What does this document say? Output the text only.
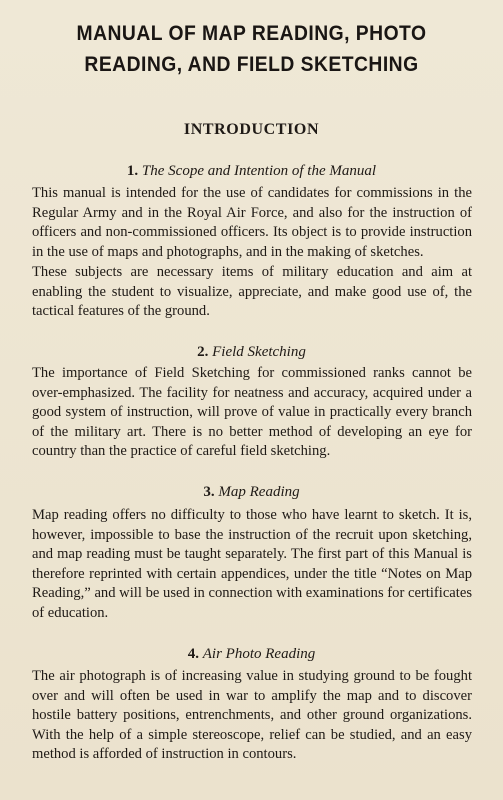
MANUAL OF MAP READING, PHOTO
READING, AND FIELD SKETCHING
INTRODUCTION
1. The Scope and Intention of the Manual

This manual is intended for the use of candidates for commissions in the Regular Army and in the Royal Air Force, and also for the instruction of officers and non-commissioned officers. Its object is to provide instruction in the use of maps and photographs, and in the making of sketches.

These subjects are necessary items of military education and aim at enabling the student to visualize, appreciate, and make good use of, the tactical features of the ground.

2. Field Sketching

The importance of Field Sketching for commissioned ranks cannot be over-emphasized. The facility for neatness and accuracy, acquired under a good system of instruction, will prove of value in practically every branch of the military art. There is no better method of developing an eye for country than the practice of careful field sketching.

3. Map Reading

Map reading offers no difficulty to those who have learnt to sketch. It is, however, impossible to base the instruction of the recruit upon sketching, and map reading must be taught separately. The first part of this Manual is therefore reprinted with certain appendices, under the title “Notes on Map Reading,” and will be used in connection with examinations for certificates of education.

4. Air Photo Reading

The air photograph is of increasing value in studying ground to be fought over and will often be used in war to amplify the map and to discover hostile battery positions, entrenchments, and other ground organizations. With the help of a simple stereoscope, relief can be studied, and an easy method is afforded of instruction in contours.
